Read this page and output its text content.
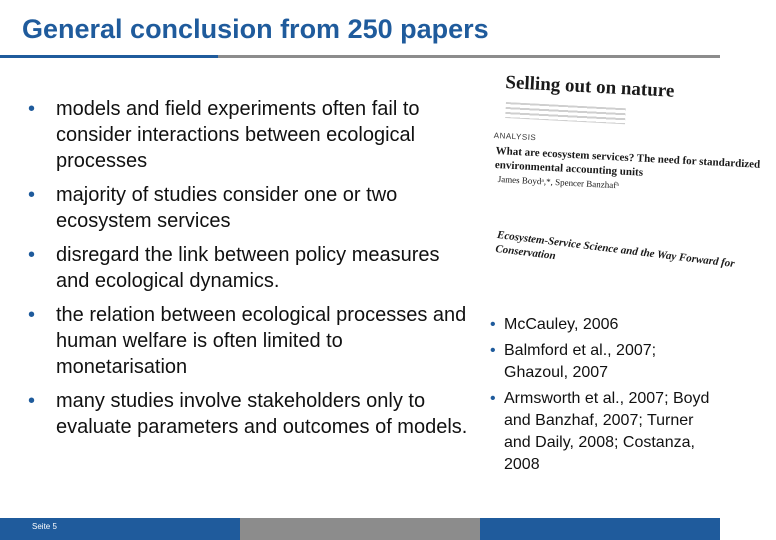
General conclusion from 250 papers
• models and field experiments often fail to consider interactions between ecological processes
• majority of studies consider one or two ecosystem services
• disregard the link between policy measures and ecological dynamics.
• the relation between ecological processes and human welfare is often limited to monetarisation
• many studies involve stakeholders only to evaluate parameters and outcomes of models.
Selling out on nature
ANALYSIS
What are ecosystem services? The need for standardized environmental accounting units
James Boydᵃ,*, Spencer Banzhafᵇ
Ecosystem-Service Science and the Way Forward for Conservation
• McCauley, 2006
• Balmford et al., 2007; Ghazoul, 2007
• Armsworth et al., 2007; Boyd and Banzhaf, 2007; Turner and Daily, 2008; Costanza, 2008
Seite 5
